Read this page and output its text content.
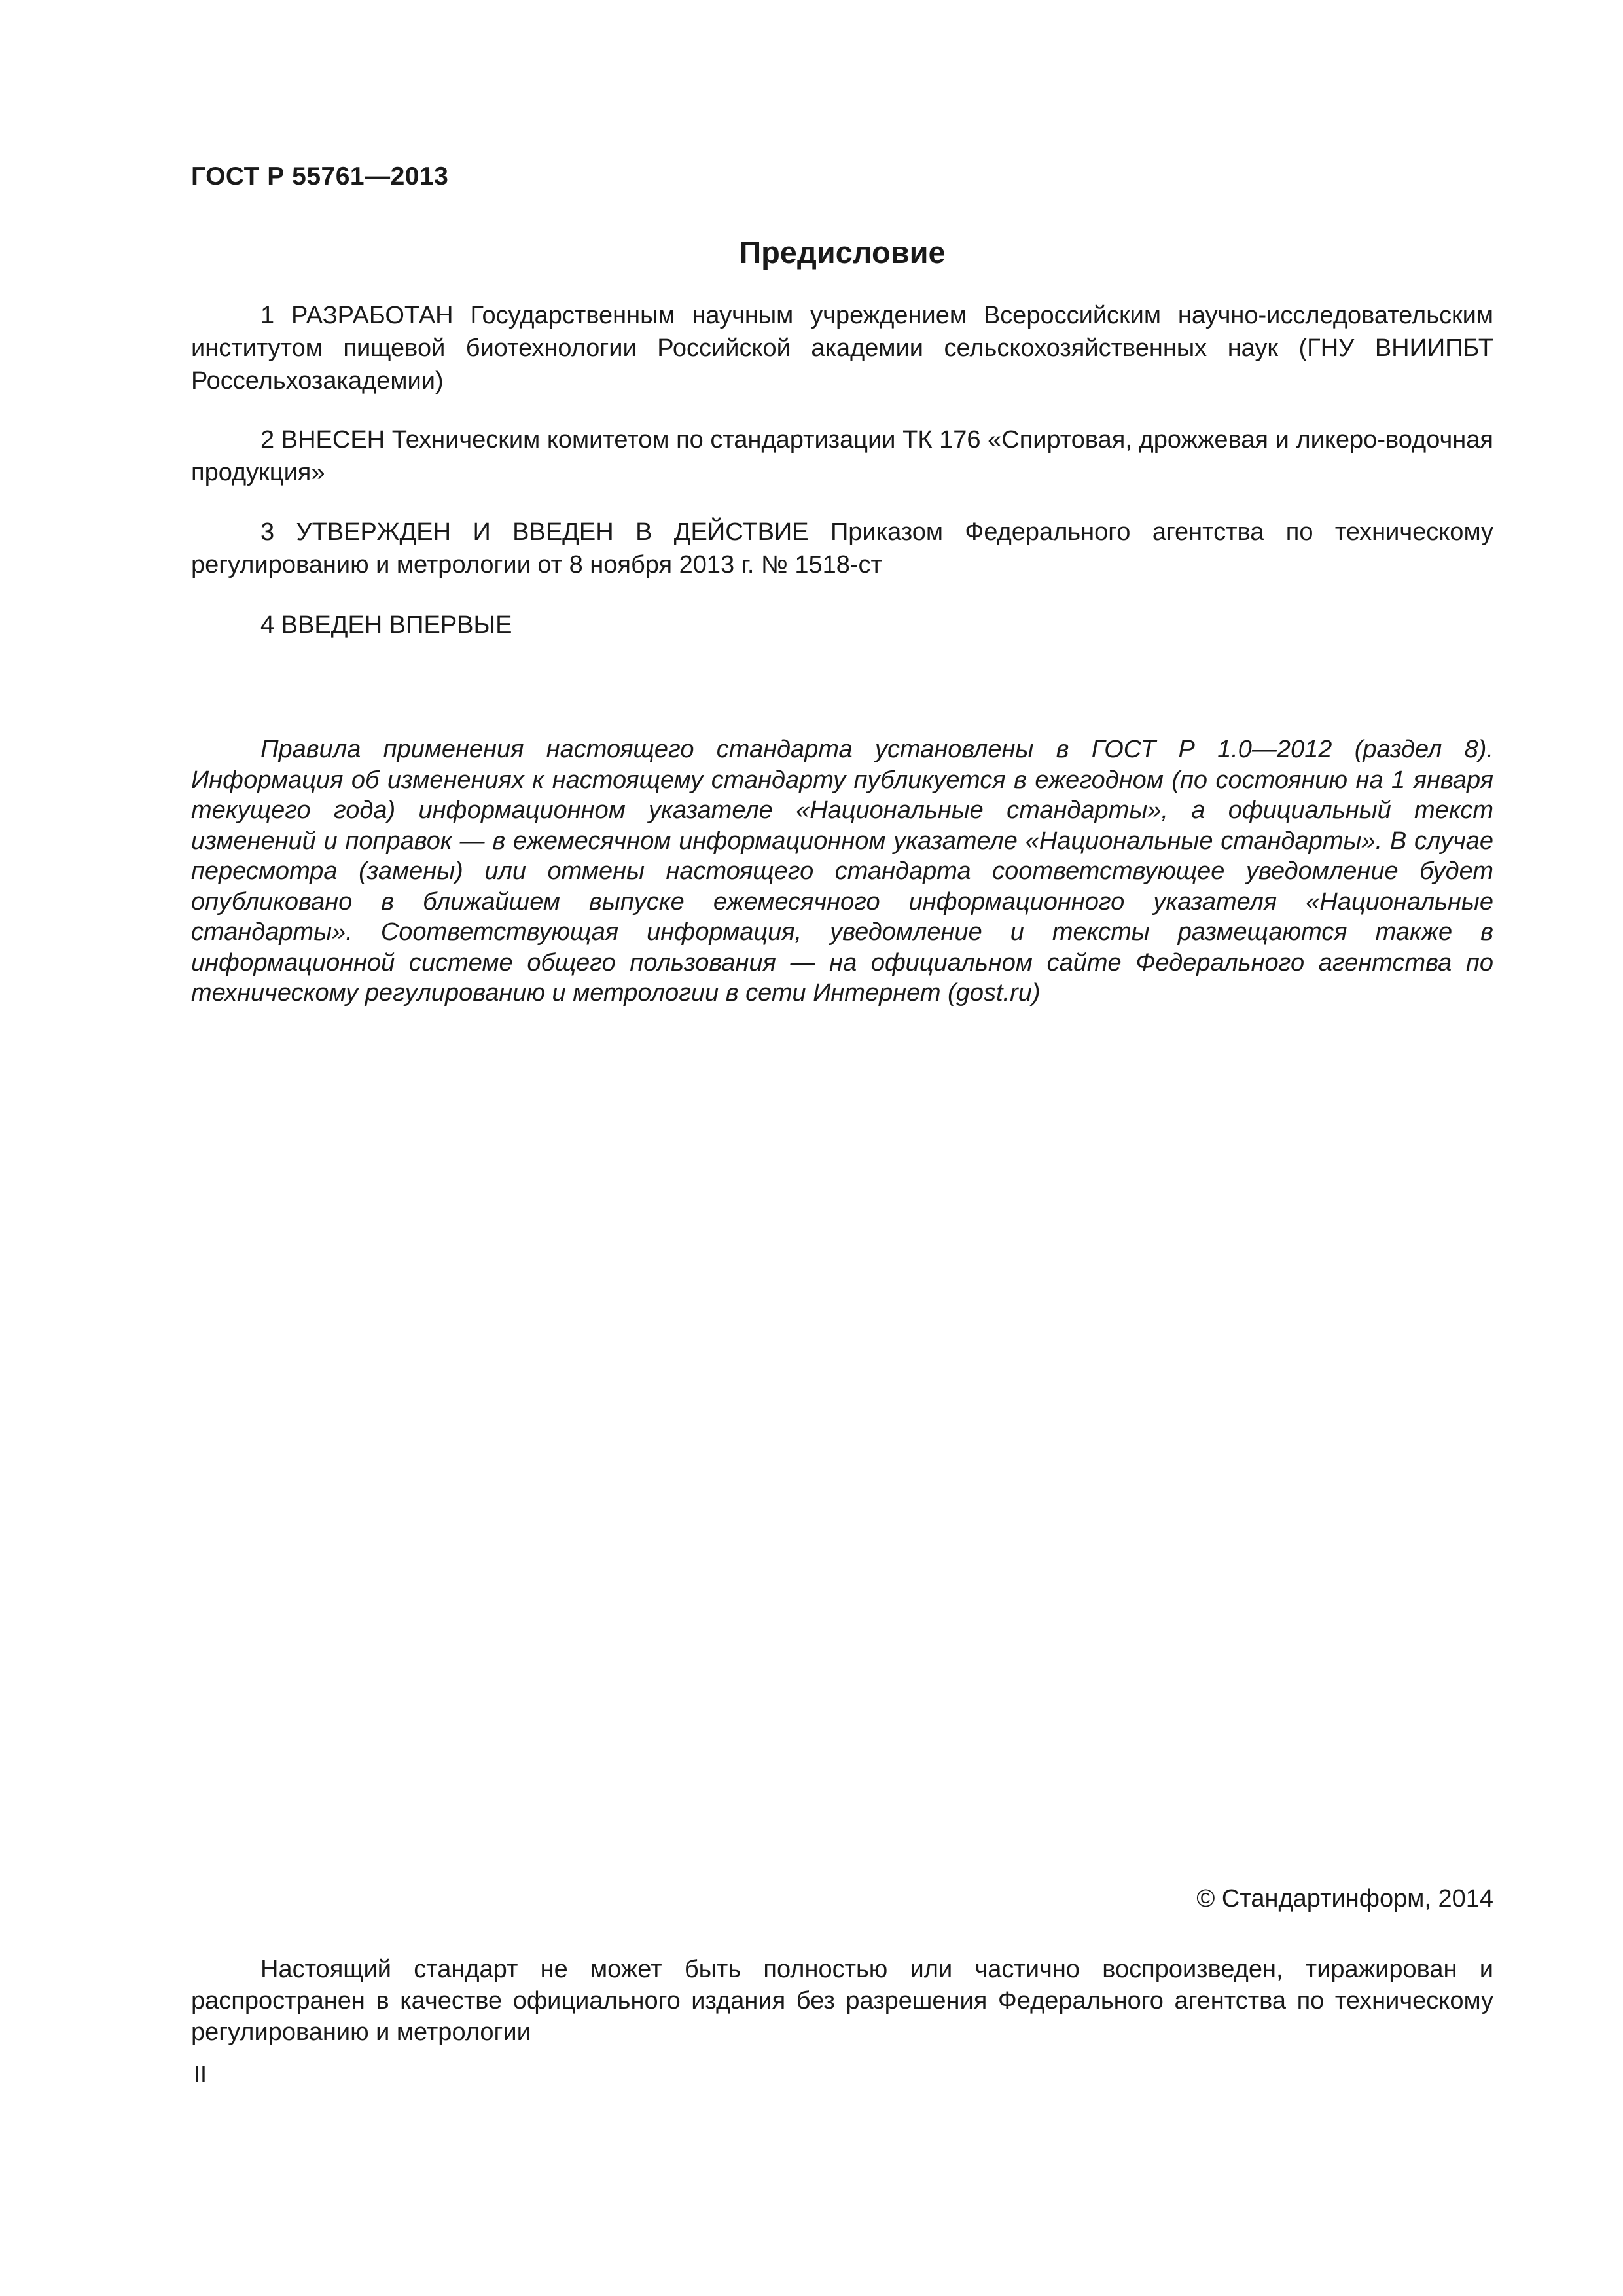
ГОСТ Р 55761—2013
Предисловие

1 РАЗРАБОТАН Государственным научным учреждением Всероссийским научно-исследовательским институтом пищевой биотехнологии Российской академии сельскохозяйственных наук (ГНУ ВНИИПБТ Россельхозакадемии)

2 ВНЕСЕН Техническим комитетом по стандартизации ТК 176 «Спиртовая, дрожжевая и ликеро-водочная продукция»

3 УТВЕРЖДЕН И ВВЕДЕН В ДЕЙСТВИЕ Приказом Федерального агентства по техническому регулированию и метрологии от 8 ноября 2013 г. № 1518-ст

4 ВВЕДЕН ВПЕРВЫЕ

Правила применения настоящего стандарта установлены в ГОСТ Р 1.0—2012 (раздел 8). Информация об изменениях к настоящему стандарту публикуется в ежегодном (по состоянию на 1 января текущего года) информационном указателе «Национальные стандарты», а официальный текст изменений и поправок — в ежемесячном информационном указателе «Национальные стандарты». В случае пересмотра (замены) или отмены настоящего стандарта соответствующее уведомление будет опубликовано в ближайшем выпуске ежемесячного информационного указателя «Национальные стандарты». Соответствующая информация, уведомление и тексты размещаются также в информационной системе общего пользования — на официальном сайте Федерального агентства по техническому регулированию и метрологии в сети Интернет (gost.ru)

© Стандартинформ, 2014

Настоящий стандарт не может быть полностью или частично воспроизведен, тиражирован и распространен в качестве официального издания без разрешения Федерального агентства по техническому регулированию и метрологии

II
